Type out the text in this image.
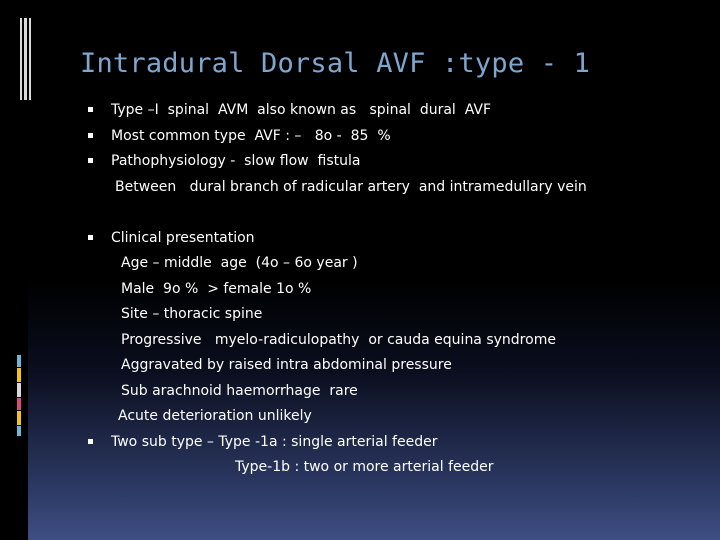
Intradural Dorsal AVF :type - 1
Type –I  spinal  AVM  also known as   spinal  dural  AVF
Most common type  AVF : –   8o -  85  %
Pathophysiology -  slow flow  fistula
Between   dural branch of radicular artery  and intramedullary vein
Clinical presentation
Age – middle  age  (4o – 6o year )
Male  9o %  > female 1o %
Site – thoracic spine
Progressive   myelo-radiculopathy  or cauda equina syndrome
Aggravated by raised intra abdominal pressure
Sub arachnoid haemorrhage  rare
Acute deterioration unlikely
Two sub type – Type -1a : single arterial feeder
Type-1b : two or more arterial feeder
